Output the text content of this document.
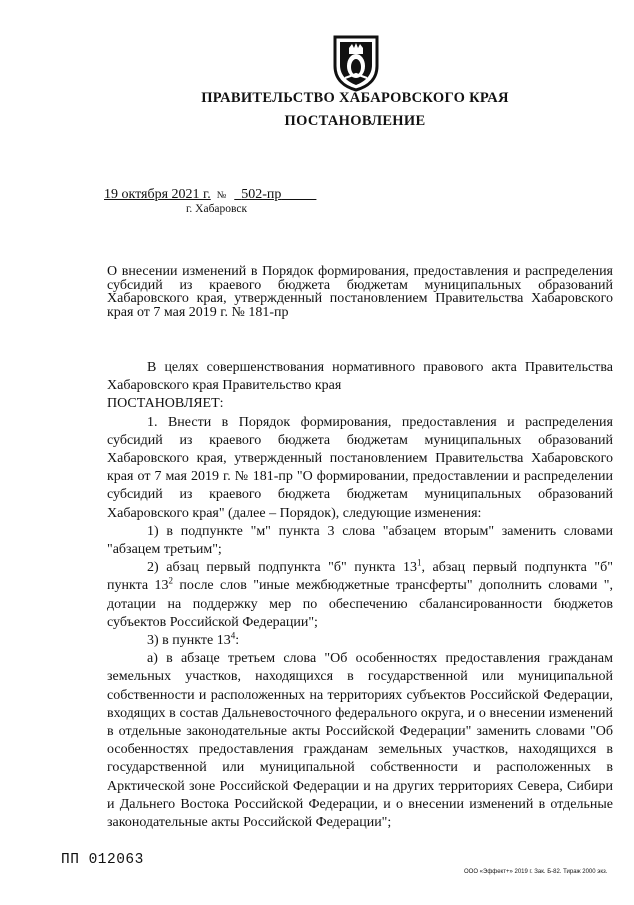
ПРАВИТЕЛЬСТВО ХАБАРОВСКОГО КРАЯ
ПОСТАНОВЛЕНИЕ
19 октября 2021 г. № 502-пр
г. Хабаровск
О внесении изменений в Порядок формирования, предоставления и распределения субсидий из краевого бюджета бюджетам муниципальных образований Хабаровского края, утвержденный постановлением Правительства Хабаровского края от 7 мая 2019 г. № 181-пр

В целях совершенствования нормативного правового акта Правительства Хабаровского края Правительство края

ПОСТАНОВЛЯЕТ:

1. Внести в Порядок формирования, предоставления и распределения субсидий из краевого бюджета бюджетам муниципальных образований Хабаровского края, утвержденный постановлением Правительства Хабаровского края от 7 мая 2019 г. № 181-пр "О формировании, предоставлении и распределении субсидий из краевого бюджета бюджетам муниципальных образований Хабаровского края" (далее – Порядок), следующие изменения:

1) в подпункте "м" пункта 3 слова "абзацем вторым" заменить словами "абзацем третьим";

2) абзац первый подпункта "б" пункта $13^1$, абзац первый подпункта "б" пункта $13^2$ после слов "иные межбюджетные трансферты" дополнить словами ", дотации на поддержку мер по обеспечению сбалансированности бюджетов субъектов Российской Федерации";

3) в пункте $13^4$:

а) в абзаце третьем слова "Об особенностях предоставления гражданам земельных участков, находящихся в государственной или муниципальной собственности и расположенных на территориях субъектов Российской Федерации, входящих в состав Дальневосточного федерального округа, и о внесении изменений в отдельные законодательные акты Российской Федерации" заменить словами "Об особенностях предоставления гражданам земельных участков, находящихся в государственной или муниципальной собственности и расположенных в Арктической зоне Российской Федерации и на других территориях Севера, Сибири и Дальнего Востока Российской Федерации, и о внесении изменений в отдельные законодательные акты Российской Федерации";

ПП 012063
ООО «Эффект+» 2019 г. Зак. Б-82. Тираж 2000 экз.
